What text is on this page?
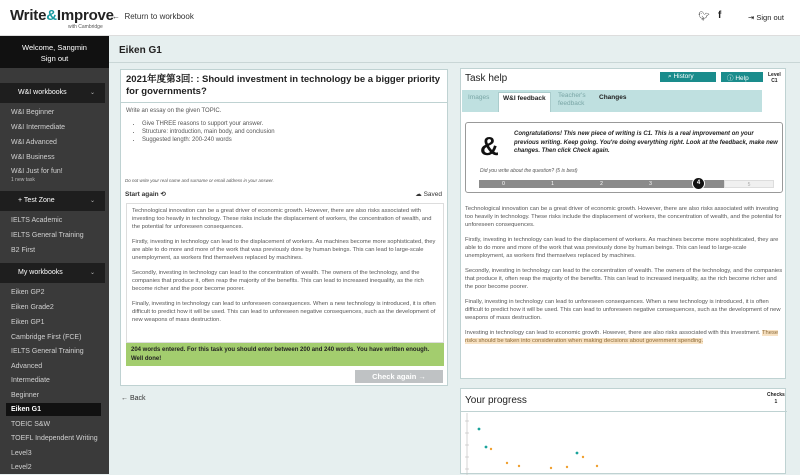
Write&Improve
with Cambridge
← Return to workbook	🐦︎ f	⇥ Sign out
Welcome, Sangmin
Sign out
W&I workbooks	⌄
W&I Beginner
W&I Intermediate
W&I Advanced
W&I Business
W&I Just for fun!
1 new task
+ Test Zone	⌄
IELTS Academic
IELTS General Training
B2 First
My workbooks	⌄
Eiken GP2
Eiken Grade2
Eiken GP1
Cambridge First (FCE)
IELTS General Training
Advanced
Intermediate
Beginner
Eiken G1
TOEIC S&W
TOEFL Independent Writing
Level3
Level2
Eiken G1
2021年度第3回: : Should investment in technology be a bigger priority for governments?
Write an essay on the given TOPIC.
• Give THREE reasons to support your answer.
• Structure: introduction, main body, and conclusion
• Suggested length: 200-240 words
Do not write your real name and surname or email address in your answer.
Start again ⟲	☁ Saved

Technological innovation can be a great driver of economic growth. However, there are also risks associated with investing too heavily in technology. These risks include the displacement of workers, the concentration of wealth, and the potential for unforeseen consequences.

Firstly, investing in technology can lead to the displacement of workers. As machines become more sophisticated, they are able to do more and more of the work that was previously done by human beings. This can lead to large-scale unemployment, as workers find themselves replaced by machines.

Secondly, investing in technology can lead to the concentration of wealth. The owners of the technology, and the companies that produce it, often reap the majority of the benefits. This can lead to increased inequality, as the rich become richer and the poor become poorer.

Finally, investing in technology can lead to unforeseen consequences. When a new technology is introduced, it is often difficult to predict how it will be used. This can lead to unforeseen negative consequences, such as the development of new weapons of mass destruction.

204 words entered. For this task you should enter between 200 and 240 words. You have written enough. Well done!
Check again →
← Back
Task help	⌕ History	ⓘ Help	Level
C1
Images	W&I feedback	Teacher's feedback
Changes
&	Congratulations! This new piece of writing is C1. This is a real improvement on your previous writing. Keep going. You're doing everything right. Look at the feedback, make new changes. Then click Check again.
Did you write about the question? (5 is best)
0	1	2	3	5
4

Technological innovation can be a great driver of economic growth. However, there are also risks associated with investing too heavily in technology. These risks include the displacement of workers, the concentration of wealth, and the potential for unforeseen consequences.

Firstly, investing in technology can lead to the displacement of workers. As machines become more sophisticated, they are able to do more and more of the work that was previously done by human beings. This can lead to large-scale unemployment, as workers find themselves replaced by machines.

Secondly, investing in technology can lead to the concentration of wealth. The owners of the technology, and the companies that produce it, often reap the majority of the benefits. This can lead to increased inequality, as the rich become richer and the poor become poorer.

Finally, investing in technology can lead to unforeseen consequences. When a new technology is introduced, it is often difficult to predict how it will be used. This can lead to unforeseen negative consequences, such as the development of new weapons of mass destruction.

Investing in technology can lead to economic growth. However, there are also risks associated with this investment. These risks should be taken into consideration when making decisions about government spending.

Your progress	Checks
1
